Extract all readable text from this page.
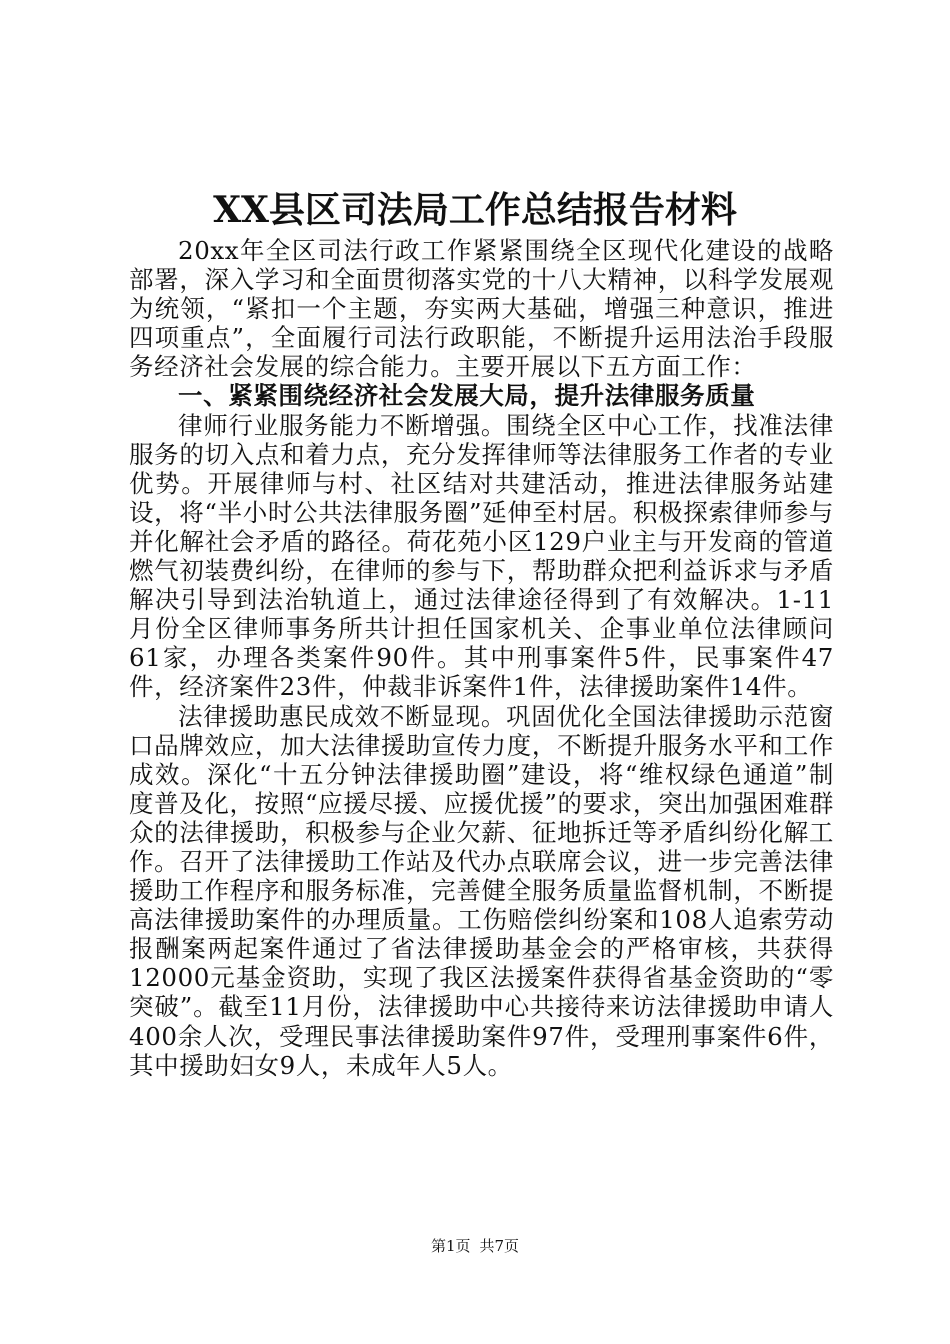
XX县区司法局工作总结报告材料

20xx年全区司法行政工作紧紧围绕全区现代化建设的战略部署，深入学习和全面贯彻落实党的十八大精神，以科学发展观为统领，“紧扣一个主题，夯实两大基础，增强三种意识，推进四项重点”，全面履行司法行政职能，不断提升运用法治手段服务经济社会发展的综合能力。主要开展以下五方面工作：

一、紧紧围绕经济社会发展大局，提升法律服务质量

律师行业服务能力不断增强。围绕全区中心工作，找准法律服务的切入点和着力点，充分发挥律师等法律服务工作者的专业优势。开展律师与村、社区结对共建活动，推进法律服务站建设，将“半小时公共法律服务圈”延伸至村居。积极探索律师参与并化解社会矛盾的路径。荷花苑小区129户业主与开发商的管道燃气初装费纠纷，在律师的参与下，帮助群众把利益诉求与矛盾解决引导到法治轨道上，通过法律途径得到了有效解决。1-11月份全区律师事务所共计担任国家机关、企事业单位法律顾问61家，办理各类案件90件。其中刑事案件5件，民事案件47件，经济案件23件，仲裁非诉案件1件，法律援助案件14件。

法律援助惠民成效不断显现。巩固优化全国法律援助示范窗口品牌效应，加大法律援助宣传力度，不断提升服务水平和工作成效。深化“十五分钟法律援助圈”建设，将“维权绿色通道”制度普及化，按照“应援尽援、应援优援”的要求，突出加强困难群众的法律援助，积极参与企业欠薪、征地拆迁等矛盾纠纷化解工作。召开了法律援助工作站及代办点联席会议，进一步完善法律援助工作程序和服务标准，完善健全服务质量监督机制，不断提高法律援助案件的办理质量。工伤赔偿纠纷案和108人追索劳动报酬案两起案件通过了省法律援助基金会的严格审核，共获得12000元基金资助，实现了我区法援案件获得省基金资助的“零突破”。截至11月份，法律援助中心共接待来访法律援助申请人400余人次，受理民事法律援助案件97件，受理刑事案件6件，其中援助妇女9人，未成年人5人。

第1页 共7页
